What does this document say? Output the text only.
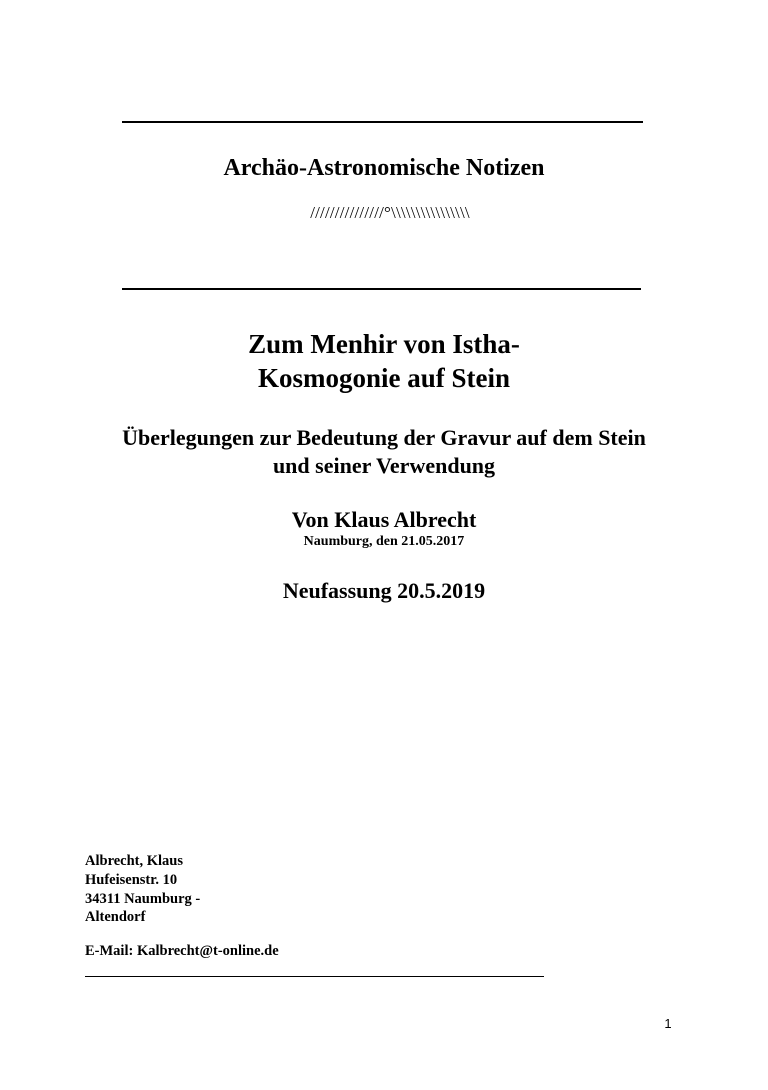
Archäo-Astronomische Notizen
///////////////°\\\\\\\\\\\\\\\\
Zum Menhir von Istha-
Kosmogonie auf Stein
Überlegungen zur Bedeutung der Gravur auf dem Stein
und seiner Verwendung
Von Klaus Albrecht
Naumburg, den 21.05.2017
Neufassung 20.5.2019
Albrecht, Klaus
Hufeisenstr. 10
34311 Naumburg -
Altendorf
E-Mail: Kalbrecht@t-online.de
1
